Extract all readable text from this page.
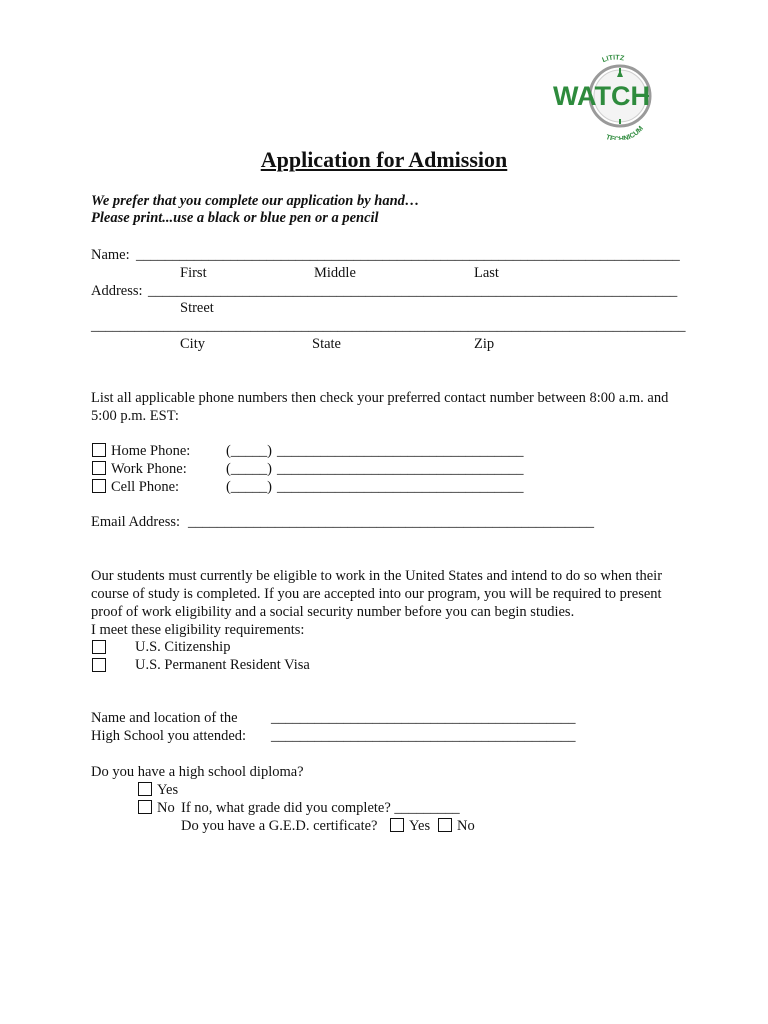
LITITZ
WATCH
TECHNICUM
Application for Admission
We prefer that you complete our application by hand…
Please print...use a black or blue pen or a pencil
Name: ___________________________________________________________________________
First	Middle	Last
Address: _________________________________________________________________________
Street
__________________________________________________________________________________
City	State	Zip
List all applicable phone numbers then check your preferred contact number between 8:00 a.m. and 5:00 p.m. EST:
Home Phone: (_____) __________________________________
Work Phone:	(_____) __________________________________
Cell Phone:	(_____) __________________________________
Email Address: ________________________________________________________
Our students must currently be eligible to work in the United States and intend to do so when their course of study is completed. If you are accepted into our program, you will be required to present proof of work eligibility and a social security number before you can begin studies.
I meet these eligibility requirements:
U.S. Citizenship
U.S. Permanent Resident Visa
Name and location of the __________________________________________
High School you attended: __________________________________________
Do you have a high school diploma?
Yes
No If no, what grade did you complete? _________
Do you have a G.E.D. certificate? Yes No
